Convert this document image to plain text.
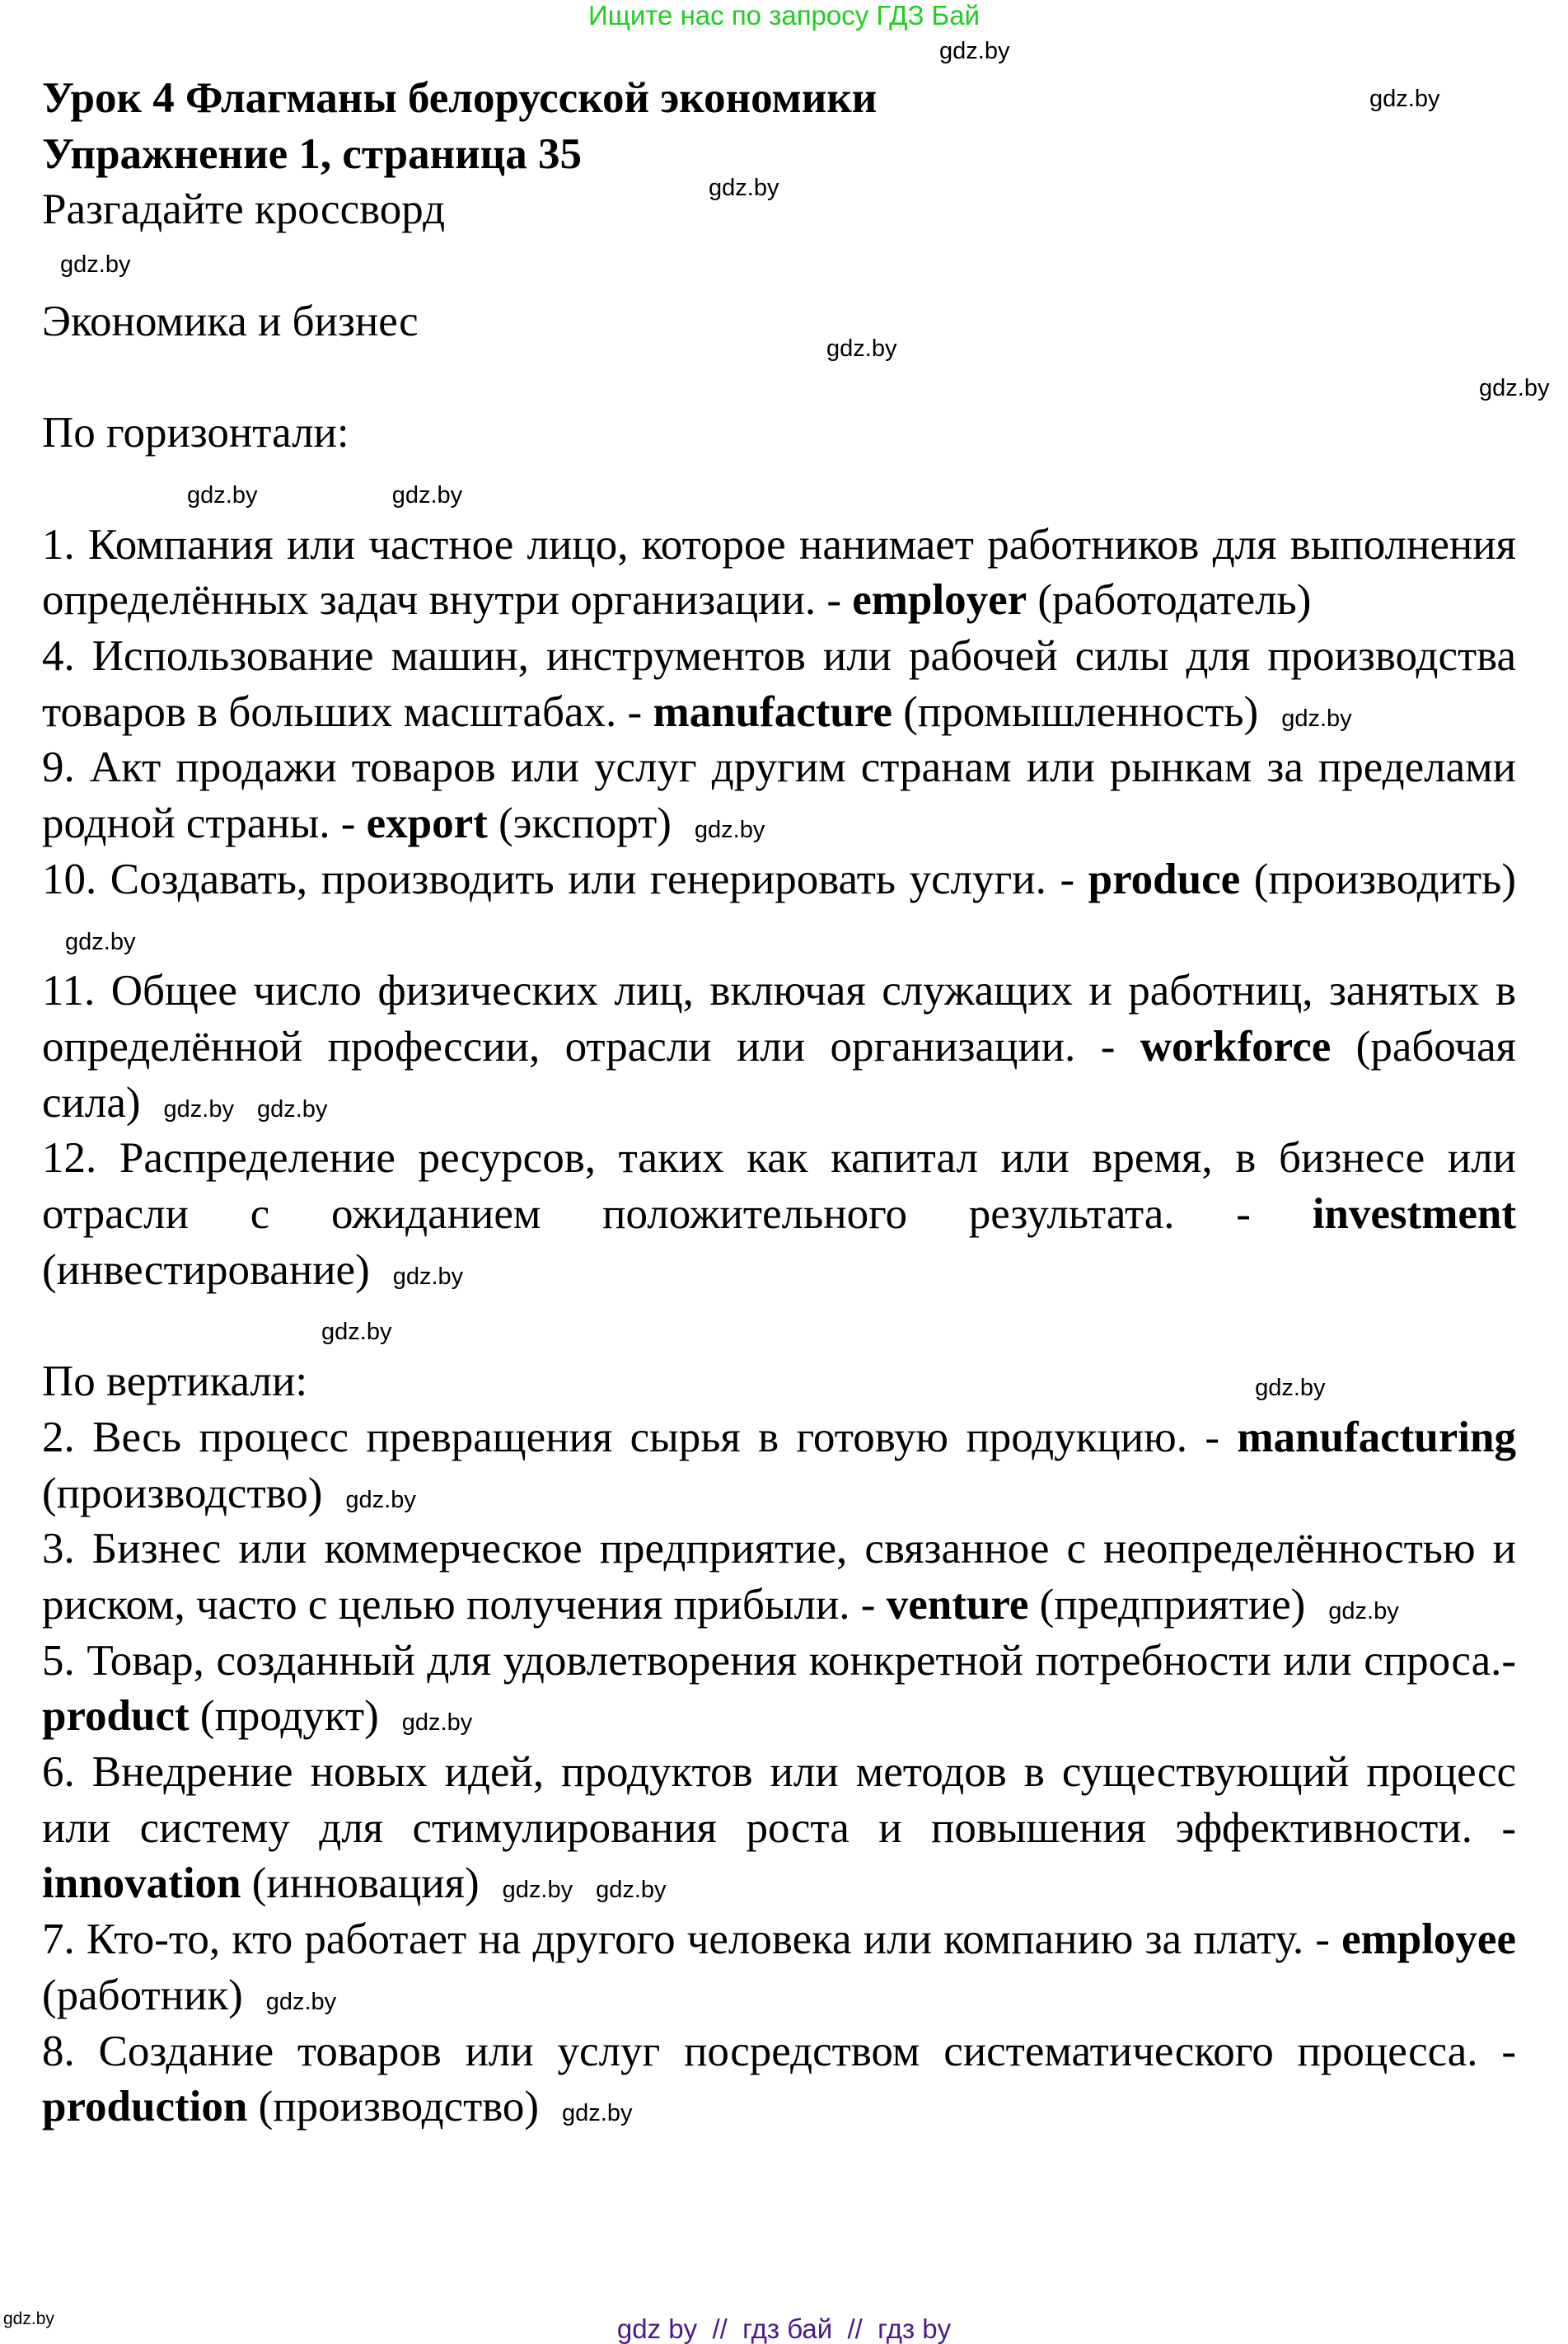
Ищите нас по запросу ГДЗ Бай

Урок 4 Флагманы белорусской экономики

Упражнение 1, страница 35

Разгадайте кроссворд

Экономика и бизнес

По горизонтали:

gdz.by	gdz.by

1. Компания или частное лицо, которое нанимает работников для выполнения определённых задач внутри организации. - employer (работодатель)

4. Использование машин, инструментов или рабочей силы для производства товаров в больших масштабах. - manufacture (промышленность) gdz.by

9. Акт продажи товаров или услуг другим странам или рынкам за пределами родной страны. - export (экспорт) gdz.by

10. Создавать, производить или генерировать услуги. - produce (производить)gdz.by

11. Общее число физических лиц, включая служащих и работниц, занятых в определённой профессии, отрасли или организации. - workforce (рабочая сила) gdz.by gdz.by

12. Распределение ресурсов, таких как капитал или время, в бизнесе или отрасли с ожиданием положительного результата. - investment (инвестирование) gdz.by

gdz.by

По вертикали:	gdz.by

2. Весь процесс превращения сырья в готовую продукцию. - manufacturing (производство) gdz.by

3. Бизнес или коммерческое предприятие, связанное с неопределённостью и риском, часто с целью получения прибыли. - venture (предприятие) gdz.by

5. Товар, созданный для удовлетворения конкретной потребности или спроса.- product (продукт) gdz.by

6. Внедрение новых идей, продуктов или методов в существующий процесс или систему для стимулирования роста и повышения эффективности. - innovation (инновация) gdz.by gdz.by

7. Кто-то, кто работает на другого человека или компанию за плату. - employee (работник) gdz.by

8. Создание товаров или услуг посредством систематического процесса. - production (производство) gdz.by

gdz.by
gdz.by
gdz.by
gdz.by
gdz.by
gdz.by
gdz.by	gdz by  //  гдз бай  //  гдз by
